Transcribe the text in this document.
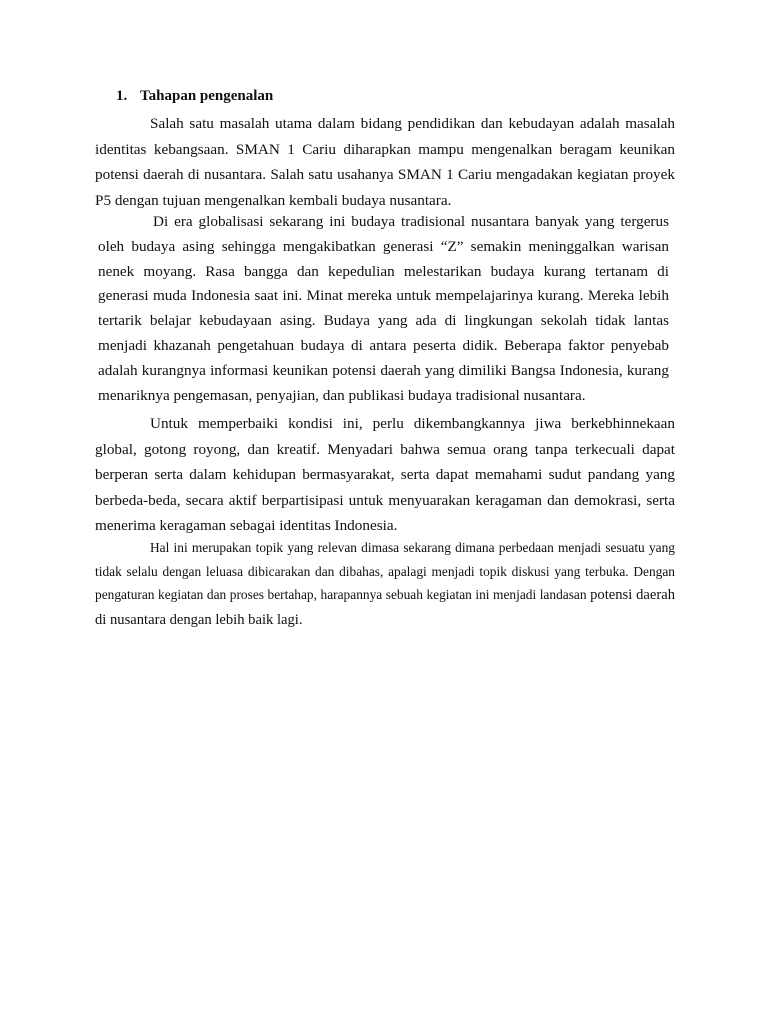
1. Tahapan pengenalan

Salah satu masalah utama dalam bidang pendidikan dan kebudayan adalah masalah identitas kebangsaan. SMAN 1 Cariu diharapkan mampu mengenalkan beragam keunikan potensi daerah di nusantara. Salah satu usahanya SMAN 1 Cariu mengadakan kegiatan proyek P5 dengan tujuan mengenalkan kembali budaya nusantara.

Di era globalisasi sekarang ini budaya tradisional nusantara banyak yang tergerus oleh budaya asing sehingga mengakibatkan generasi “Z” semakin meninggalkan warisan nenek moyang. Rasa bangga dan kepedulian melestarikan budaya kurang tertanam di generasi muda Indonesia saat ini. Minat mereka untuk mempelajarinya kurang. Mereka lebih tertarik belajar kebudayaan asing. Budaya yang ada di lingkungan sekolah tidak lantas menjadi khazanah pengetahuan budaya di antara peserta didik. Beberapa faktor penyebab adalah kurangnya informasi keunikan potensi daerah yang dimiliki Bangsa Indonesia, kurang menariknya pengemasan, penyajian, dan publikasi budaya tradisional nusantara.

Untuk memperbaiki kondisi ini, perlu dikembangkannya jiwa berkebhinnekaan global, gotong royong, dan kreatif. Menyadari bahwa semua orang tanpa terkecuali dapat berperan serta dalam kehidupan bermasyarakat, serta dapat memahami sudut pandang yang berbeda-beda, secara aktif berpartisipasi untuk menyuarakan keragaman dan demokrasi, serta menerima keragaman sebagai identitas Indonesia.

Hal ini merupakan topik yang relevan dimasa sekarang dimana perbedaan menjadi sesuatu yang tidak selalu dengan leluasa dibicarakan dan dibahas, apalagi menjadi topik diskusi yang terbuka. Dengan pengaturan kegiatan dan proses bertahap, harapannya sebuah kegiatan ini menjadi landasan potensi daerah di nusantara dengan lebih baik lagi.
